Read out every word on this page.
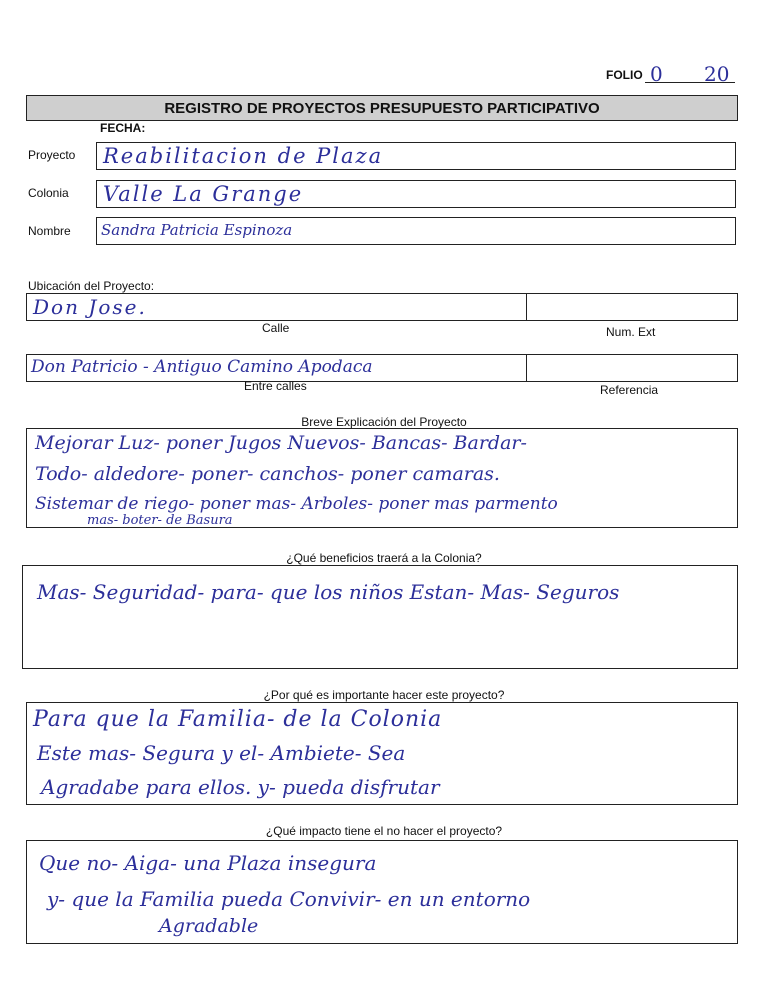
FOLIO 0 20
REGISTRO DE PROYECTOS PRESUPUESTO PARTICIPATIVO
FECHA:
Proyecto Reabilitacion de Plaza
Colonia Valle La Grange
Nombre Sandra Patricia Espinoza
Ubicación del Proyecto:
Don Jose.
Calle	Num. Ext
Don Patricio - Antiguo Camino Apodaca
Entre calles	Referencia
Breve Explicación del Proyecto
Mejorar Luz- poner Jugos Nuevos- Bancas- Bardar-
Todo- aldedore- poner- canchos- poner camaras.
Sistemar de riego- poner mas- Arboles- poner mas parmento
mas- boter- de Basura
¿Qué beneficios traerá a la Colonia?
Mas- Seguridad- para- que los niños Estan- Mas- Seguros
¿Por qué es importante hacer este proyecto?
Para que la Familia- de la Colonia
Este mas- Segura y el- Ambiete- Sea
Agradabe para ellos. y- pueda disfrutar
¿Qué impacto tiene el no hacer el proyecto?
Que no- Aiga- una Plaza insegura
y- que la Familia pueda Convivir- en un entorno
Agradable
